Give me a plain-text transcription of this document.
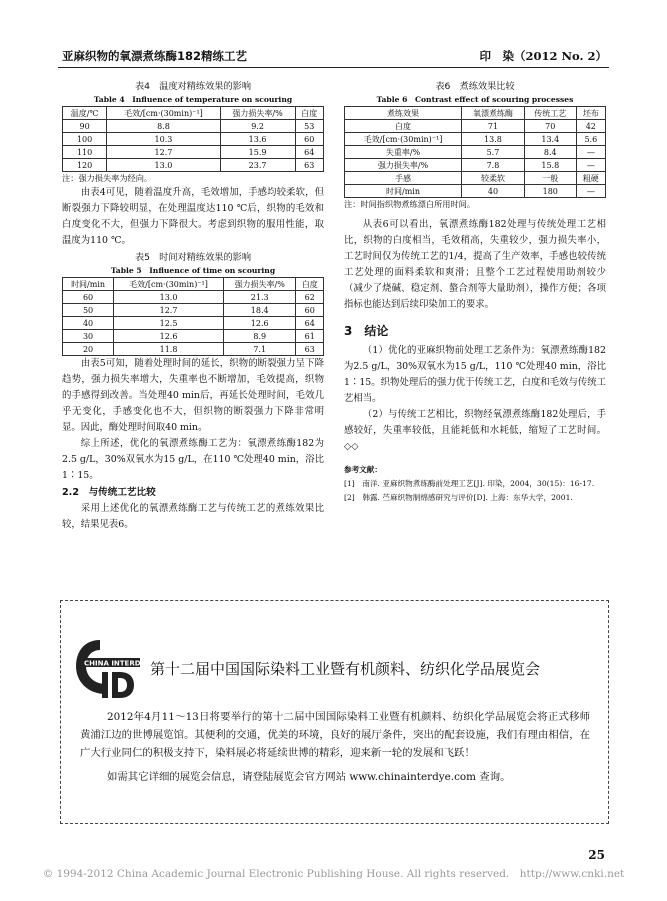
亚麻织物的氧漂煮练酶182精练工艺	印　染（2012 No. 2）
表4　温度对精练效果的影响
Table 4　Influence of temperature on scouring
温度/℃	毛效/[cm·(30min)⁻¹]	强力损失率/%	白度
90	8.8	9.2	53
100	10.3	13.6	60
110	12.7	15.9	64
120	13.0	23.7	63
注：强力损失率为经向。

由表4可见，随着温度升高，毛效增加，手感均较柔软，但断裂强力下降较明显，在处理温度达110 ℃后，织物的毛效和白度变化不大，但强力下降很大。考虑到织物的服用性能，取温度为110 ℃。

表5　时间对精练效果的影响
Table 5　Influence of time on scouring
时间/min	毛效/[cm·(30min)⁻¹]	强力损失率/%	白度
60	13.0	21.3	62
50	12.7	18.4	60
40	12.5	12.6	64
30	12.6	8.9	61
20	11.8	7.1	63

由表5可知，随着处理时间的延长，织物的断裂强力呈下降趋势，强力损失率增大，失重率也不断增加，毛效提高，织物的手感得到改善。当处理40 min后，再延长处理时间，毛效几乎无变化，手感变化也不大，但织物的断裂强力下降非常明显。因此，酶处理时间取40 min。

综上所述，优化的氧漂煮练酶工艺为：氧漂煮练酶182为2.5 g/L，30%双氧水为15 g/L，在110 ℃处理40 min，浴比1∶15。

2.2　与传统工艺比较

采用上述优化的氧漂煮练酶工艺与传统工艺的煮练效果比较，结果见表6。

表6　煮练效果比较
Table 6　Contrast effect of scouring processes
煮练效果	氧漂煮练酶	传统工艺	坯布
白度	71	70	42
毛效/[cm·(30min)⁻¹]	13.8	13.4	5.6
失重率/%	5.7	8.4	—
强力损失率/%	7.8	15.8	—
手感	较柔软	一般	粗硬
时间/min	40	180	—
注：时间指织物煮练漂白所用时间。

从表6可以看出，氧漂煮练酶182处理与传统处理工艺相比，织物的白度相当，毛效稍高，失重较少，强力损失率小，工艺时间仅为传统工艺的1/4，提高了生产效率，手感也较传统工艺处理的面料柔软和爽滑；且整个工艺过程使用助剂较少（减少了烧碱、稳定剂、螯合剂等大量助剂），操作方便；各项指标也能达到后续印染加工的要求。

3　结论

（1）优化的亚麻织物前处理工艺条件为：氧漂煮练酶182为2.5 g/L，30%双氧水为15 g/L，110 ℃处理40 min，浴比1∶15。织物处理后的强力优于传统工艺，白度和毛效与传统工艺相当。

（2）与传统工艺相比，织物经氧漂煮练酶182处理后，手感较好，失重率较低，且能耗低和水耗低，缩短了工艺时间。◇◇

参考文献：
[1]　南洋. 亚麻织物煮练酶前处理工艺[J]. 印染，2004，30(15)：16-17.
[2]　韩露. 苎麻织物制绵感研究与评价[D]. 上海：东华大学，2001.
CHINA INTERDYE 第十二届中国国际染料工业暨有机颜料、纺织化学品展览会

2012年4月11～13日将要举行的第十二届中国国际染料工业暨有机颜料、纺织化学品展览会将正式移师黄浦江边的世博展览馆。其便利的交通，优美的环境，良好的展厅条件，突出的配套设施，我们有理由相信，在广大行业同仁的积极支持下，染料展必将延续世博的精彩，迎来新一轮的发展和飞跃！

如需其它详细的展览会信息，请登陆展览会官方网站 www.chinainterdye.com 查询。

25
© 1994-2012 China Academic Journal Electronic Publishing House. All rights reserved.　http://www.cnki.net
